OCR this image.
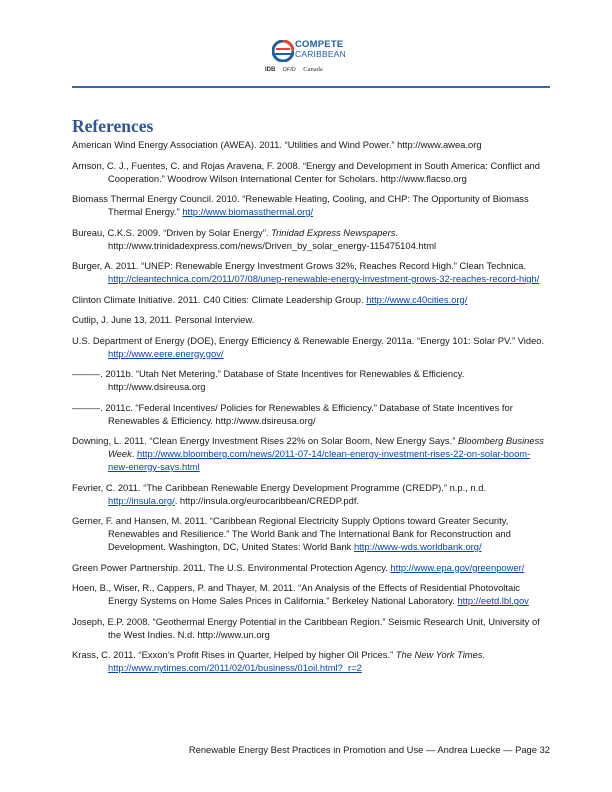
COMPETE
CARIBBEAN
IDB DFID Canada
References
American Wind Energy Association (AWEA). 2011. “Utilities and Wind Power.” http://www.awea.org
Arnson, C. J., Fuentes, C. and Rojas Aravena, F. 2008. “Energy and Development in South America: Conflict and Cooperation.” Woodrow Wilson International Center for Scholars. http://www.flacso.org
Biomass Thermal Energy Council. 2010. “Renewable Heating, Cooling, and CHP: The Opportunity of Biomass Thermal Energy.” http://www.biomassthermal.org/
Bureau, C.K.S. 2009. “Driven by Solar Energy”. Trinidad Express Newspapers. http://www.trinidadexpress.com/news/Driven_by_solar_energy-115475104.html
Burger, A. 2011. “UNEP: Renewable Energy Investment Grows 32%, Reaches Record High.” Clean Technica. http://cleantechnica.com/2011/07/08/unep-renewable-energy-investment-grows-32-reaches-record-high/
Clinton Climate Initiative. 2011. C40 Cities: Climate Leadership Group. http://www.c40cities.org/
Cutlip, J. June 13, 2011. Personal Interview.
U.S. Department of Energy (DOE), Energy Efficiency & Renewable Energy. 2011a. “Energy 101: Solar PV.” Video. http://www.eere.energy.gov/
———. 2011b. “Utah Net Metering.” Database of State Incentives for Renewables & Efficiency. http://www.dsireusa.org
———. 2011c. “Federal Incentives/ Policies for Renewables & Efficiency.” Database of State Incentives for Renewables & Efficiency. http://www.dsireusa.org/
Downing, L. 2011. “Clean Energy Investment Rises 22% on Solar Boom, New Energy Says.” Bloomberg Business Week. http://www.bloomberg.com/news/2011-07-14/clean-energy-investment-rises-22-on-solar-boom-new-energy-says.html
Fevrier, C. 2011. “The Caribbean Renewable Energy Development Programme (CREDP).” n.p., n.d. http://insula.org/. http://insula.org/eurocaribbean/CREDP.pdf.
Gerner, F. and Hansen, M. 2011. “Caribbean Regional Electricity Supply Options toward Greater Security, Renewables and Resilience.” The World Bank and The International Bank for Reconstruction and Development. Washington, DC, United States: World Bank http://www-wds.worldbank.org/
Green Power Partnership. 2011. The U.S. Environmental Protection Agency. http://www.epa.gov/greenpower/
Hoen, B., Wiser, R., Cappers, P. and Thayer, M. 2011. “An Analysis of the Effects of Residential Photovoltaic Energy Systems on Home Sales Prices in California.” Berkeley National Laboratory. http://eetd.lbl.gov
Joseph, E.P. 2008. “Geothermal Energy Potential in the Caribbean Region.” Seismic Research Unit, University of the West Indies. N.d. http://www.un.org
Krass, C. 2011. “Exxon’s Profit Rises in Quarter, Helped by higher Oil Prices.” The New York Times. http://www.nytimes.com/2011/02/01/business/01oil.html?_r=2
Renewable Energy Best Practices in Promotion and Use — Andrea Luecke — Page 32
